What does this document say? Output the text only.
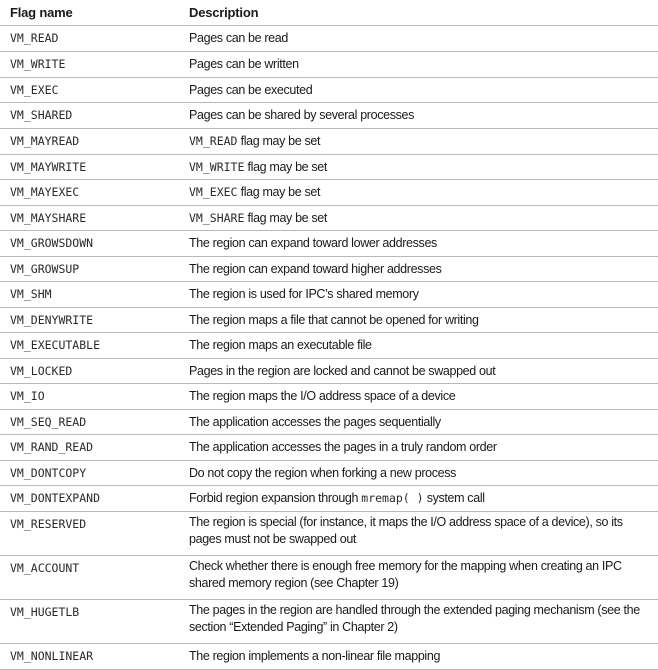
Flag name	Description
VM_READ	Pages can be read
VM_WRITE	Pages can be written
VM_EXEC	Pages can be executed
VM_SHARED	Pages can be shared by several processes
VM_MAYREAD	VM_READ flag may be set
VM_MAYWRITE	VM_WRITE flag may be set
VM_MAYEXEC	VM_EXEC flag may be set
VM_MAYSHARE	VM_SHARE flag may be set
VM_GROWSDOWN	The region can expand toward lower addresses
VM_GROWSUP	The region can expand toward higher addresses
VM_SHM	The region is used for IPC’s shared memory
VM_DENYWRITE	The region maps a file that cannot be opened for writing
VM_EXECUTABLE	The region maps an executable file
VM_LOCKED	Pages in the region are locked and cannot be swapped out
VM_IO	The region maps the I/O address space of a device
VM_SEQ_READ	The application accesses the pages sequentially
VM_RAND_READ	The application accesses the pages in a truly random order
VM_DONTCOPY	Do not copy the region when forking a new process
VM_DONTEXPAND	Forbid region expansion through mremap( ) system call
VM_RESERVED	The region is special (for instance, it maps the I/O address space of a device), so its pages must not be swapped out
VM_ACCOUNT	Check whether there is enough free memory for the mapping when creating an IPC shared memory region (see Chapter 19)
VM_HUGETLB	The pages in the region are handled through the extended paging mechanism (see the section “Extended Paging” in Chapter 2)
VM_NONLINEAR	The region implements a non-linear file mapping
